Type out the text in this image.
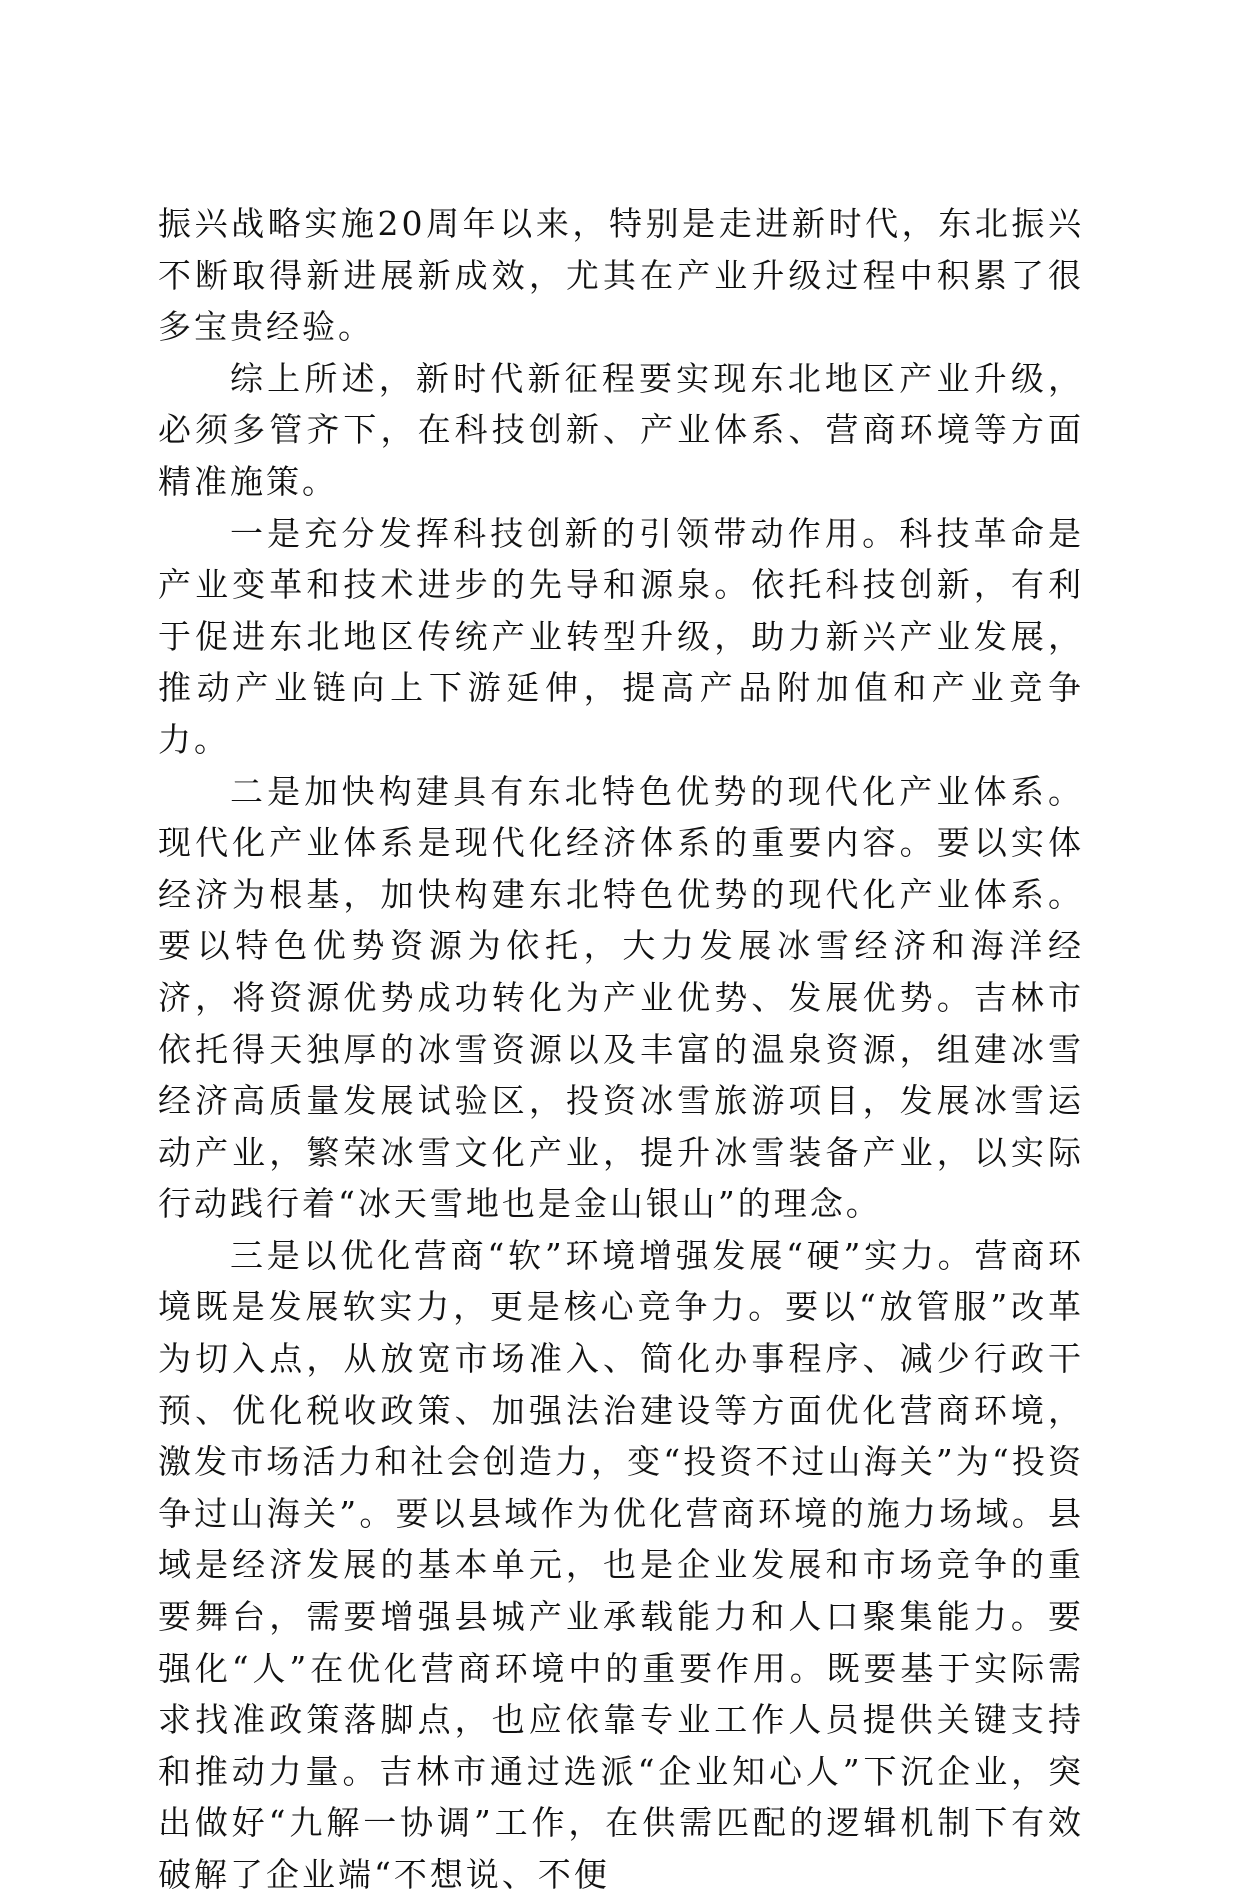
振兴战略实施20周年以来，特别是走进新时代，东北振兴不断取得新进展新成效，尤其在产业升级过程中积累了很多宝贵经验。

综上所述，新时代新征程要实现东北地区产业升级，必须多管齐下，在科技创新、产业体系、营商环境等方面精准施策。

一是充分发挥科技创新的引领带动作用。科技革命是产业变革和技术进步的先导和源泉。依托科技创新，有利于促进东北地区传统产业转型升级，助力新兴产业发展，推动产业链向上下游延伸，提高产品附加值和产业竞争力。

二是加快构建具有东北特色优势的现代化产业体系。现代化产业体系是现代化经济体系的重要内容。要以实体经济为根基，加快构建东北特色优势的现代化产业体系。要以特色优势资源为依托，大力发展冰雪经济和海洋经济，将资源优势成功转化为产业优势、发展优势。吉林市依托得天独厚的冰雪资源以及丰富的温泉资源，组建冰雪经济高质量发展试验区，投资冰雪旅游项目，发展冰雪运动产业，繁荣冰雪文化产业，提升冰雪装备产业，以实际行动践行着“冰天雪地也是金山银山”的理念。

三是以优化营商“软”环境增强发展“硬”实力。营商环境既是发展软实力，更是核心竞争力。要以“放管服”改革为切入点，从放宽市场准入、简化办事程序、减少行政干预、优化税收政策、加强法治建设等方面优化营商环境，激发市场活力和社会创造力，变“投资不过山海关”为“投资争过山海关”。要以县域作为优化营商环境的施力场域。县域是经济发展的基本单元，也是企业发展和市场竞争的重要舞台，需要增强县城产业承载能力和人口聚集能力。要强化“人”在优化营商环境中的重要作用。既要基于实际需求找准政策落脚点，也应依靠专业工作人员提供关键支持和推动力量。吉林市通过选派“企业知心人”下沉企业，突出做好“九解一协调”工作，在供需匹配的逻辑机制下有效破解了企业端“不想说、不便
